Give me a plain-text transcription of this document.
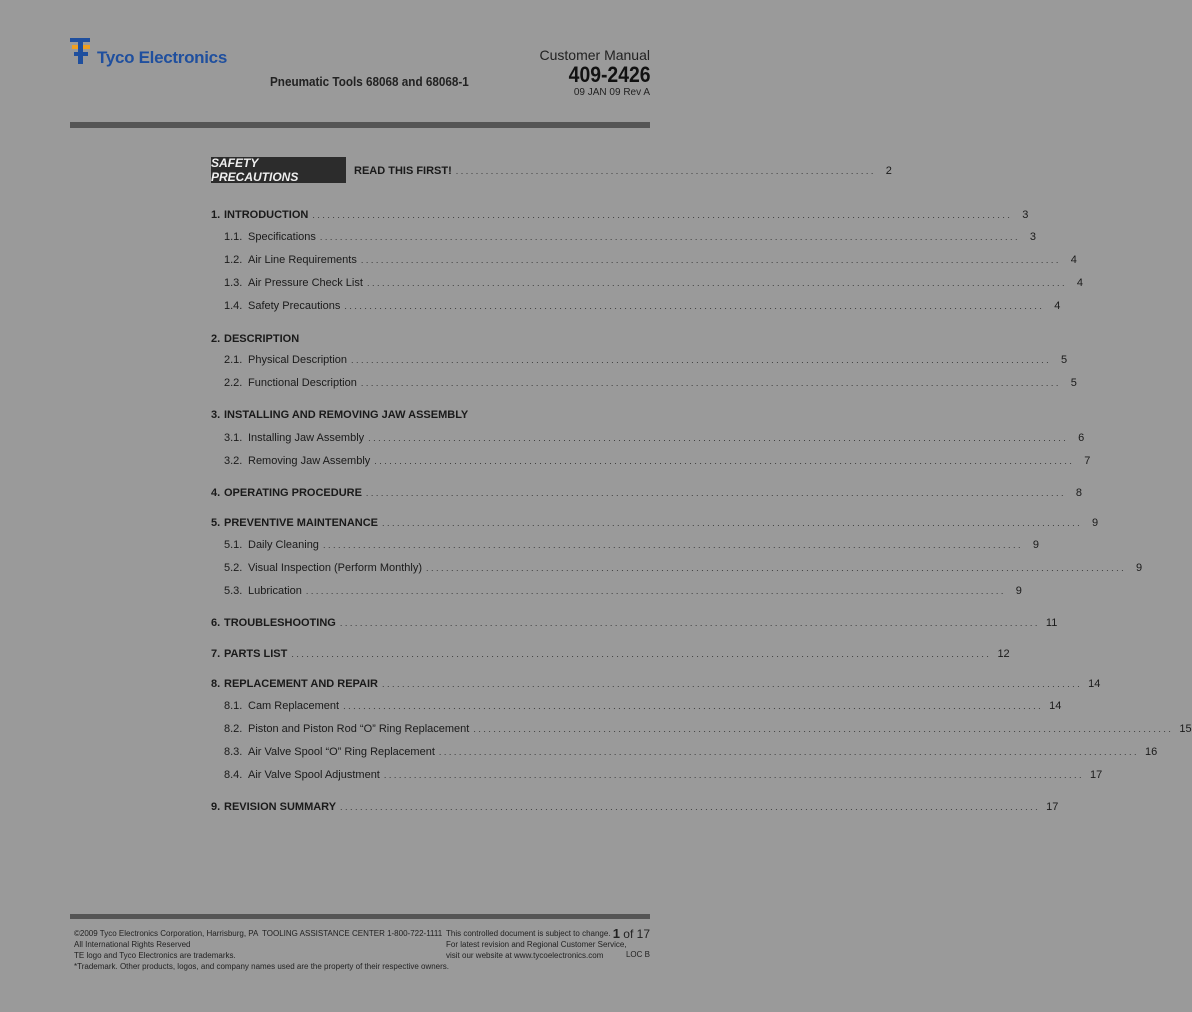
Tyco Electronics
Pneumatic Tools 68068 and 68068-1
Customer Manual
409-2426
09 JAN 09 Rev A
SAFETY PRECAUTIONS	READ THIS FIRST! .................................................................................... 2
1. INTRODUCTION ............................................................................................................................................ 3
1.1. Specifications ............................................................................................................................................ 3
1.2. Air Line Requirements ............................................................................................................................................ 4
1.3. Air Pressure Check List ............................................................................................................................................ 4
1.4. Safety Precautions ............................................................................................................................................ 4
2. DESCRIPTION
2.1. Physical Description ............................................................................................................................................ 5
2.2. Functional Description ............................................................................................................................................ 5
3. INSTALLING AND REMOVING JAW ASSEMBLY
3.1. Installing Jaw Assembly ............................................................................................................................................ 6
3.2. Removing Jaw Assembly ............................................................................................................................................ 7
4. OPERATING PROCEDURE ............................................................................................................................................ 8
5. PREVENTIVE MAINTENANCE ............................................................................................................................................ 9
5.1. Daily Cleaning ............................................................................................................................................ 9
5.2. Visual Inspection (Perform Monthly) ............................................................................................................................................ 9
5.3. Lubrication ............................................................................................................................................ 9
6. TROUBLESHOOTING ............................................................................................................................................ 11
7. PARTS LIST ............................................................................................................................................ 12
8. REPLACEMENT AND REPAIR ............................................................................................................................................ 14
8.1. Cam Replacement ............................................................................................................................................ 14
8.2. Piston and Piston Rod “O” Ring Replacement ............................................................................................................................................ 15
8.3. Air Valve Spool “O” Ring Replacement ............................................................................................................................................ 16
8.4. Air Valve Spool Adjustment ............................................................................................................................................ 17
9. REVISION SUMMARY ............................................................................................................................................ 17
©2009 Tyco Electronics Corporation, Harrisburg, PA
All International Rights Reserved
TE logo and Tyco Electronics are trademarks.
*Trademark. Other products, logos, and company names used are the property of their respective owners.
TOOLING ASSISTANCE CENTER 1-800-722-1111 This controlled document is subject to change.
For latest revision and Regional Customer Service,
visit our website at www.tycoelectronics.com
1 of 17
LOC B
